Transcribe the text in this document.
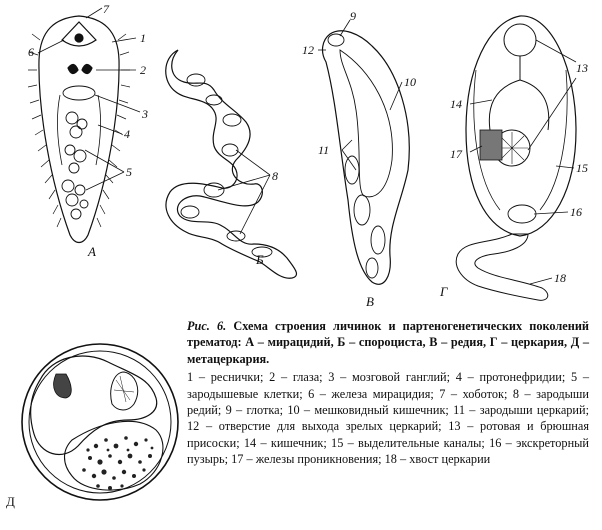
7
1
2
3
4
5
6
А
8
Б
9
12
10
11
В
13
14
17
15
16
18
Г
Д

Рис. 6. Схема строения личинок и партеногенетических поколений трематод: А – мирацидий, Б – спороциста, В – редия, Г – церкария, Д – метацеркария.

1 – реснички; 2 – глаза; 3 – мозговой ганглий; 4 – протонефридии; 5 – зародышевые клетки; 6 – железа мирацидия; 7 – хоботок; 8 – зародыши редий; 9 – глотка; 10 – мешковидный кишечник; 11 – зародыши церкарий; 12 – отверстие для выхода зрелых церкарий; 13 – ротовая и брюшная присоски; 14 – кишечник; 15 – выделительные каналы; 16 – экскреторный пузырь; 17 – железы проникновения; 18 – хвост церкарии
